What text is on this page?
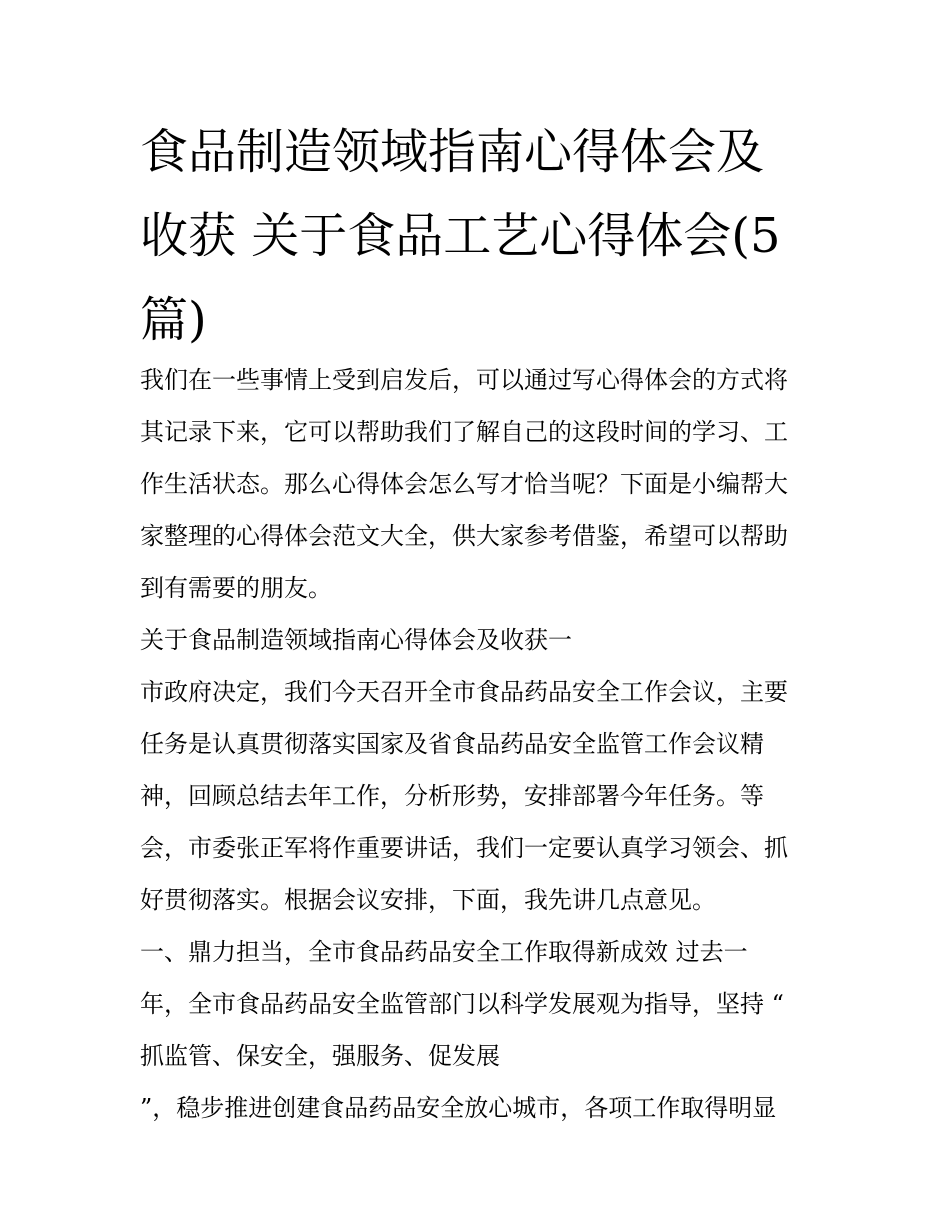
食品制造领域指南心得体会及
收获 关于食品工艺心得体会(5
篇)

我们在一些事情上受到启发后，可以通过写心得体会的方式将

其记录下来，它可以帮助我们了解自己的这段时间的学习、工

作生活状态。那么心得体会怎么写才恰当呢？下面是小编帮大

家整理的心得体会范文大全，供大家参考借鉴，希望可以帮助

到有需要的朋友。

关于食品制造领域指南心得体会及收获一

市政府决定，我们今天召开全市食品药品安全工作会议，主要

任务是认真贯彻落实国家及省食品药品安全监管工作会议精

神，回顾总结去年工作，分析形势，安排部署今年任务。等

会，市委张正军将作重要讲话，我们一定要认真学习领会、抓

好贯彻落实。根据会议安排，下面，我先讲几点意见。

一、鼎力担当，全市食品药品安全工作取得新成效 过去一

年，全市食品药品安全监管部门以科学发展观为指导，坚持 “

抓监管、保安全，强服务、促发展

”，稳步推进创建食品药品安全放心城市，各项工作取得明显
